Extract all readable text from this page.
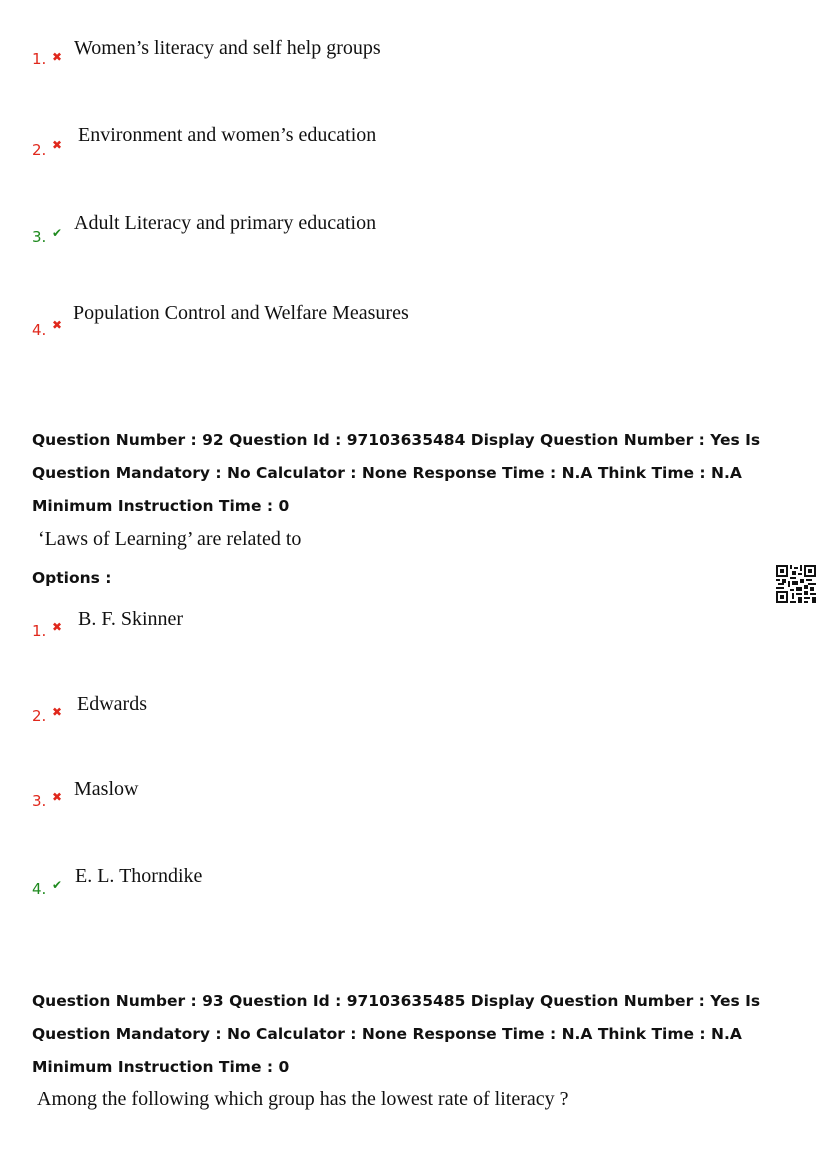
1. ✖ Women’s literacy and self help groups
2. ✖ Environment and women’s education
3. ✔ Adult Literacy and primary education
4. ✖
Population Control and Welfare Measures
Question Number : 92 Question Id : 97103635484 Display Question Number : Yes Is Question Mandatory : No Calculator : None Response Time : N.A Think Time : N.A Minimum Instruction Time : 0
‘Laws of Learning’ are related to
Options :
1. ✖ B. F. Skinner
2. ✖ Edwards
3. ✖ Maslow
4. ✔ E. L. Thorndike
Question Number : 93 Question Id : 97103635485 Display Question Number : Yes Is Question Mandatory : No Calculator : None Response Time : N.A Think Time : N.A Minimum Instruction Time : 0
Among the following which group has the lowest rate of literacy ?
